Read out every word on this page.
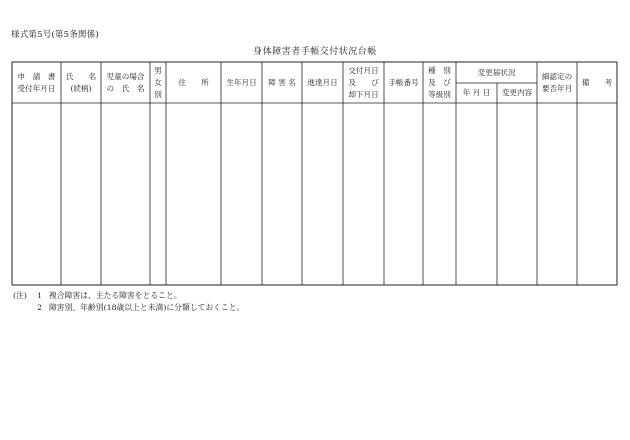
様式第5号(第5条関係)
身体障害者手帳交付状況台帳
申　請　書
受付年月日
氏　　名
(続柄)
児童の場合
の　氏　名
男
女
別
住　　所 生年月日 障 害 名 進達月日
交付月日
及　　び
却下月日
手帳番号
種　別
及　び
等級別
変更届状況
年 月 日	変更内容
細認定の
要否年月
備　　考
(注)	1 複合障害は、主たる障害をとること。
2 障害別、年齢別(18歳以上と未満)に分類しておくこと。
